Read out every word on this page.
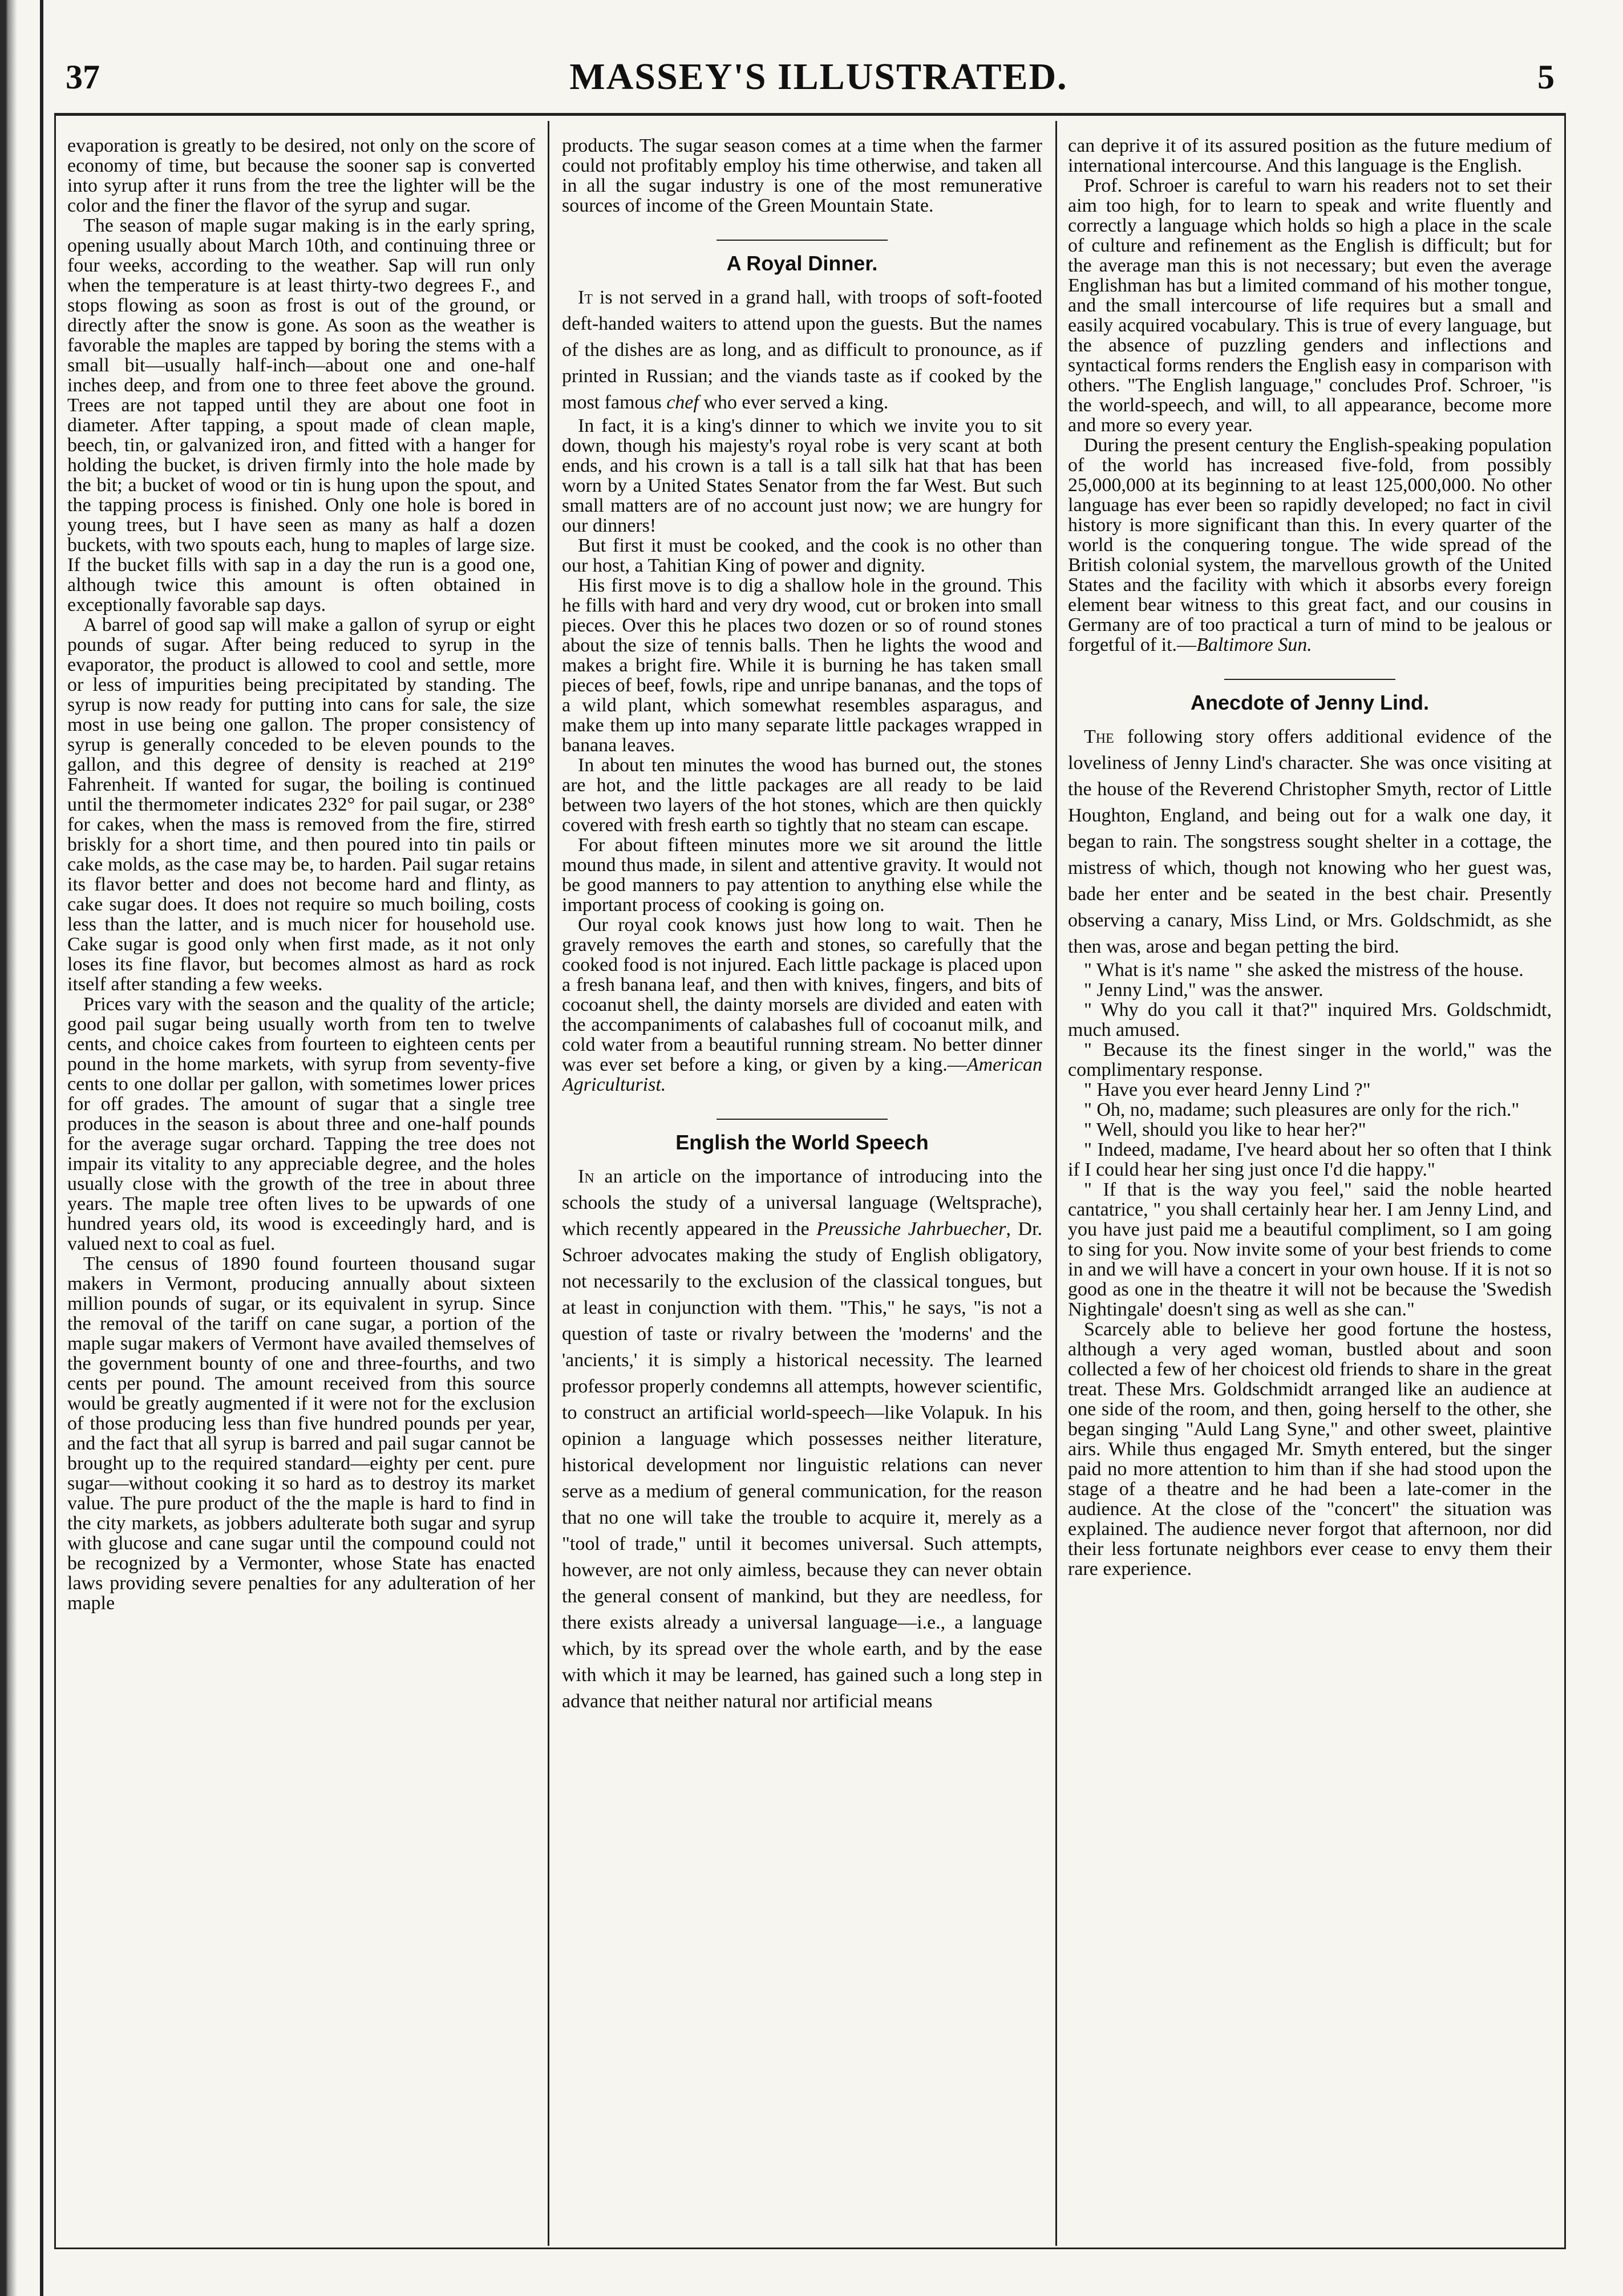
37	MASSEY'S ILLUSTRATED.	5

evaporation is greatly to be desired, not only on the score of economy of time, but because the sooner sap is converted into syrup after it runs from the tree the lighter will be the color and the finer the flavor of the syrup and sugar.

The season of maple sugar making is in the early spring, opening usually about March 10th, and continuing three or four weeks, according to the weather. Sap will run only when the temperature is at least thirty-two degrees F., and stops flowing as soon as frost is out of the ground, or directly after the snow is gone. As soon as the weather is favorable the maples are tapped by boring the stems with a small bit—usually half-inch—about one and one-half inches deep, and from one to three feet above the ground. Trees are not tapped until they are about one foot in diameter. After tapping, a spout made of clean maple, beech, tin, or galvanized iron, and fitted with a hanger for holding the bucket, is driven firmly into the hole made by the bit; a bucket of wood or tin is hung upon the spout, and the tapping process is finished. Only one hole is bored in young trees, but I have seen as many as half a dozen buckets, with two spouts each, hung to maples of large size. If the bucket fills with sap in a day the run is a good one, although twice this amount is often obtained in exceptionally favorable sap days.

A barrel of good sap will make a gallon of syrup or eight pounds of sugar. After being reduced to syrup in the evaporator, the product is allowed to cool and settle, more or less of impurities being precipitated by standing. The syrup is now ready for putting into cans for sale, the size most in use being one gallon. The proper consistency of syrup is generally conceded to be eleven pounds to the gallon, and this degree of density is reached at 219° Fahrenheit. If wanted for sugar, the boiling is continued until the thermometer indicates 232° for pail sugar, or 238° for cakes, when the mass is removed from the fire, stirred briskly for a short time, and then poured into tin pails or cake molds, as the case may be, to harden. Pail sugar retains its flavor better and does not become hard and flinty, as cake sugar does. It does not require so much boiling, costs less than the latter, and is much nicer for household use. Cake sugar is good only when first made, as it not only loses its fine flavor, but becomes almost as hard as rock itself after standing a few weeks.

Prices vary with the season and the quality of the article; good pail sugar being usually worth from ten to twelve cents, and choice cakes from fourteen to eighteen cents per pound in the home markets, with syrup from seventy-five cents to one dollar per gallon, with sometimes lower prices for off grades. The amount of sugar that a single tree produces in the season is about three and one-half pounds for the average sugar orchard. Tapping the tree does not impair its vitality to any appreciable degree, and the holes usually close with the growth of the tree in about three years. The maple tree often lives to be upwards of one hundred years old, its wood is exceedingly hard, and is valued next to coal as fuel.

The census of 1890 found fourteen thousand sugar makers in Vermont, producing annually about sixteen million pounds of sugar, or its equivalent in syrup. Since the removal of the tariff on cane sugar, a portion of the maple sugar makers of Vermont have availed themselves of the government bounty of one and three-fourths, and two cents per pound. The amount received from this source would be greatly augmented if it were not for the exclusion of those producing less than five hundred pounds per year, and the fact that all syrup is barred and pail sugar cannot be brought up to the required standard—eighty per cent. pure sugar—without cooking it so hard as to destroy its market value. The pure product of the the maple is hard to find in the city markets, as jobbers adulterate both sugar and syrup with glucose and cane sugar until the compound could not be recognized by a Vermonter, whose State has enacted laws providing severe penalties for any adulteration of her maple

products. The sugar season comes at a time when the farmer could not profitably employ his time otherwise, and taken all in all the sugar industry is one of the most remunerative sources of income of the Green Mountain State.

A Royal Dinner.

It is not served in a grand hall, with troops of soft-footed deft-handed waiters to attend upon the guests. But the names of the dishes are as long, and as difficult to pronounce, as if printed in Russian; and the viands taste as if cooked by the most famous chef who ever served a king.

In fact, it is a king's dinner to which we invite you to sit down, though his majesty's royal robe is very scant at both ends, and his crown is a tall is a tall silk hat that has been worn by a United States Senator from the far West. But such small matters are of no account just now; we are hungry for our dinners!

But first it must be cooked, and the cook is no other than our host, a Tahitian King of power and dignity.

His first move is to dig a shallow hole in the ground. This he fills with hard and very dry wood, cut or broken into small pieces. Over this he places two dozen or so of round stones about the size of tennis balls. Then he lights the wood and makes a bright fire. While it is burning he has taken small pieces of beef, fowls, ripe and unripe bananas, and the tops of a wild plant, which somewhat resembles asparagus, and make them up into many separate little packages wrapped in banana leaves.

In about ten minutes the wood has burned out, the stones are hot, and the little packages are all ready to be laid between two layers of the hot stones, which are then quickly covered with fresh earth so tightly that no steam can escape.

For about fifteen minutes more we sit around the little mound thus made, in silent and attentive gravity. It would not be good manners to pay attention to anything else while the important process of cooking is going on.

Our royal cook knows just how long to wait. Then he gravely removes the earth and stones, so carefully that the cooked food is not injured. Each little package is placed upon a fresh banana leaf, and then with knives, fingers, and bits of cocoanut shell, the dainty morsels are divided and eaten with the accompaniments of calabashes full of cocoanut milk, and cold water from a beautiful running stream. No better dinner was ever set before a king, or given by a king.—American Agriculturist.

English the World Speech

In an article on the importance of introducing into the schools the study of a universal language (Weltsprache), which recently appeared in the Preussiche Jahrbuecher, Dr. Schroer advocates making the study of English obligatory, not necessarily to the exclusion of the classical tongues, but at least in conjunction with them. "This," he says, "is not a question of taste or rivalry between the 'moderns' and the 'ancients,' it is simply a historical necessity. The learned professor properly condemns all attempts, however scientific, to construct an artificial world-speech—like Volapuk. In his opinion a language which possesses neither literature, historical development nor linguistic relations can never serve as a medium of general communication, for the reason that no one will take the trouble to acquire it, merely as a "tool of trade," until it becomes universal. Such attempts, however, are not only aimless, because they can never obtain the general consent of mankind, but they are needless, for there exists already a universal language—i.e., a language which, by its spread over the whole earth, and by the ease with which it may be learned, has gained such a long step in advance that neither natural nor artificial means

can deprive it of its assured position as the future medium of international intercourse. And this language is the English.

Prof. Schroer is careful to warn his readers not to set their aim too high, for to learn to speak and write fluently and correctly a language which holds so high a place in the scale of culture and refinement as the English is difficult; but for the average man this is not necessary; but even the average Englishman has but a limited command of his mother tongue, and the small intercourse of life requires but a small and easily acquired vocabulary. This is true of every language, but the absence of puzzling genders and inflections and syntactical forms renders the English easy in comparison with others. "The English language," concludes Prof. Schroer, "is the world-speech, and will, to all appearance, become more and more so every year.

During the present century the English-speaking population of the world has increased five-fold, from possibly 25,000,000 at its beginning to at least 125,000,000. No other language has ever been so rapidly developed; no fact in civil history is more significant than this. In every quarter of the world is the conquering tongue. The wide spread of the British colonial system, the marvellous growth of the United States and the facility with which it absorbs every foreign element bear witness to this great fact, and our cousins in Germany are of too practical a turn of mind to be jealous or forgetful of it.—Baltimore Sun.

Anecdote of Jenny Lind.

The following story offers additional evidence of the loveliness of Jenny Lind's character. She was once visiting at the house of the Reverend Christopher Smyth, rector of Little Houghton, England, and being out for a walk one day, it began to rain. The songstress sought shelter in a cottage, the mistress of which, though not knowing who her guest was, bade her enter and be seated in the best chair. Presently observing a canary, Miss Lind, or Mrs. Goldschmidt, as she then was, arose and began petting the bird.

" What is it's name " she asked the mistress of the house.

" Jenny Lind," was the answer.

" Why do you call it that?" inquired Mrs. Goldschmidt, much amused.

" Because its the finest singer in the world," was the complimentary response.

" Have you ever heard Jenny Lind ?"

" Oh, no, madame; such pleasures are only for the rich."

" Well, should you like to hear her?"

" Indeed, madame, I've heard about her so often that I think if I could hear her sing just once I'd die happy."

" If that is the way you feel," said the noble hearted cantatrice, " you shall certainly hear her. I am Jenny Lind, and you have just paid me a beautiful compliment, so I am going to sing for you. Now invite some of your best friends to come in and we will have a concert in your own house. If it is not so good as one in the theatre it will not be because the 'Swedish Nightingale' doesn't sing as well as she can."

Scarcely able to believe her good fortune the hostess, although a very aged woman, bustled about and soon collected a few of her choicest old friends to share in the great treat. These Mrs. Goldschmidt arranged like an audience at one side of the room, and then, going herself to the other, she began singing "Auld Lang Syne," and other sweet, plaintive airs. While thus engaged Mr. Smyth entered, but the singer paid no more attention to him than if she had stood upon the stage of a theatre and he had been a late-comer in the audience. At the close of the "concert" the situation was explained. The audience never forgot that afternoon, nor did their less fortunate neighbors ever cease to envy them their rare experience.
